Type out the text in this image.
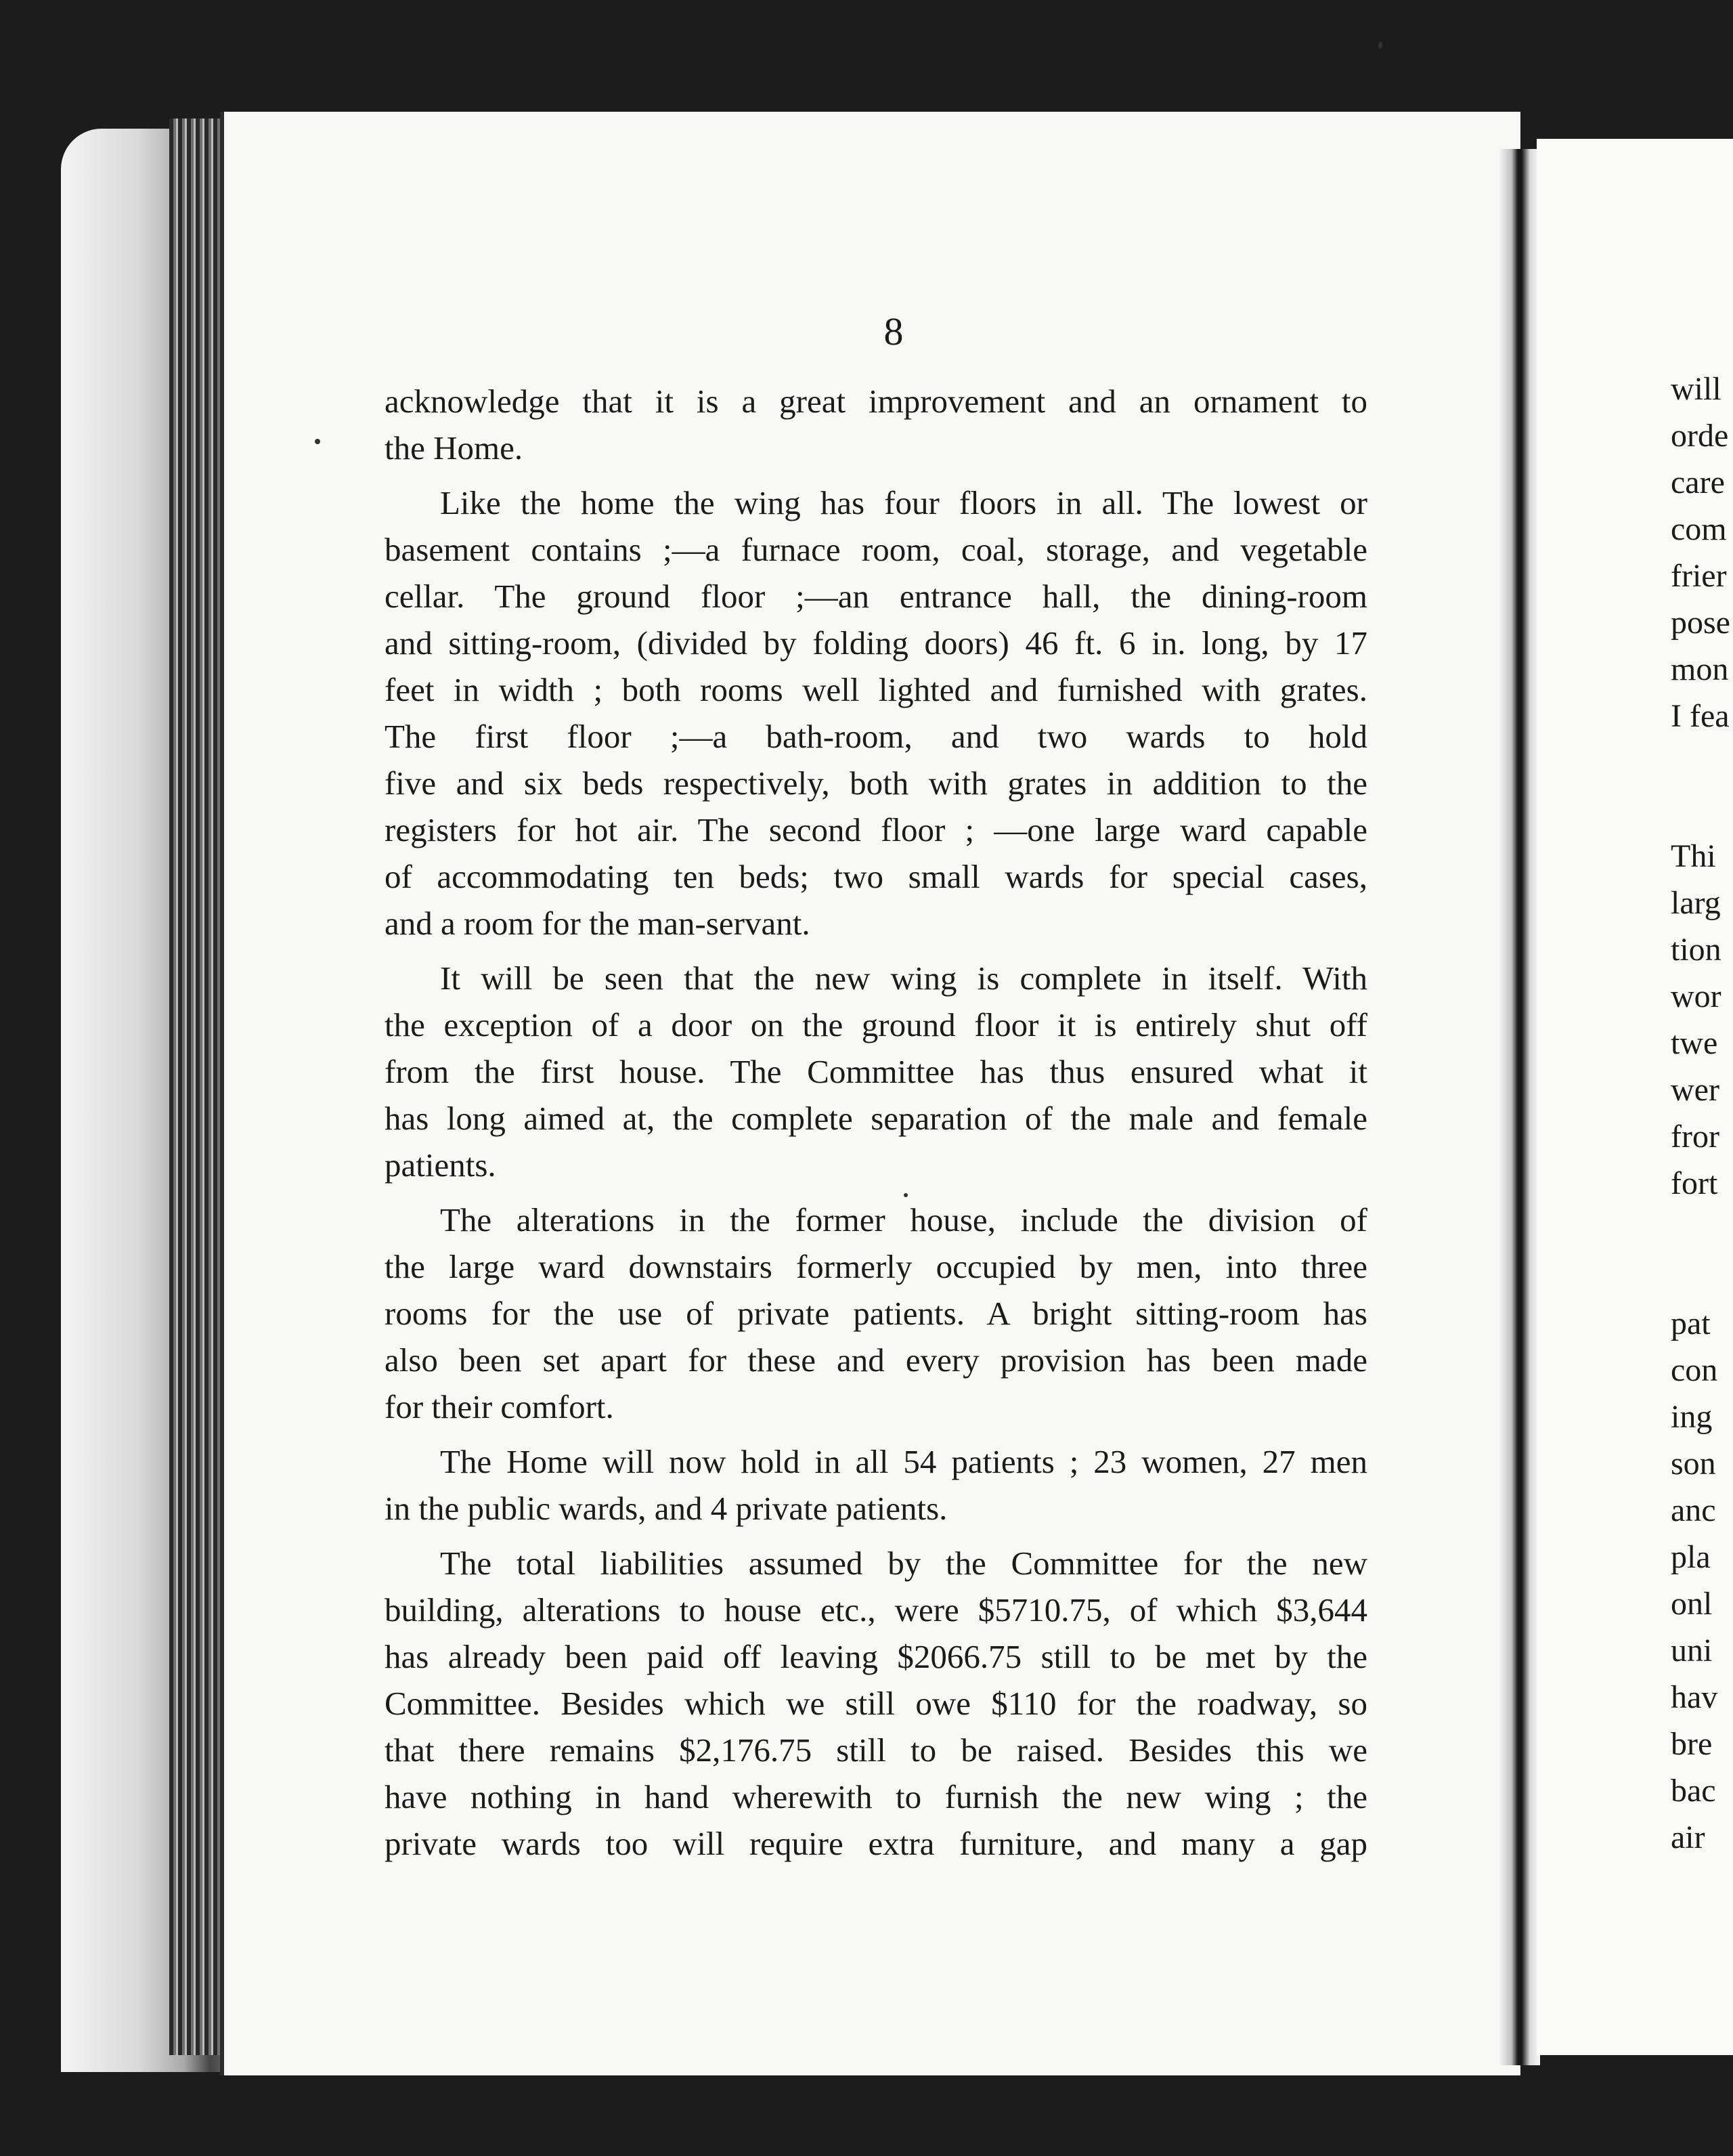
8

acknowledge that it is a great improvement and an ornament to
the Home.

Like the home the wing has four floors in all. The lowest or
basement contains ;—a furnace room, coal, storage, and vegetable
cellar. The ground floor ;—an entrance hall, the dining-room
and sitting-room, (divided by folding doors) 46 ft. 6 in. long, by 17
feet in width ; both rooms well lighted and furnished with grates.
The first floor ;—a bath-room, and two wards to hold
five and six beds respectively, both with grates in addition to the
registers for hot air. The second floor ; —one large ward capable
of accommodating ten beds; two small wards for special cases,
and a room for the man-servant.

It will be seen that the new wing is complete in itself. With
the exception of a door on the ground floor it is entirely shut off
from the first house. The Committee has thus ensured what it
has long aimed at, the complete separation of the male and female
patients.

The alterations in the former house, include the division of
the large ward downstairs formerly occupied by men, into three
rooms for the use of private patients. A bright sitting-room has
also been set apart for these and every provision has been made
for their comfort.

The Home will now hold in all 54 patients ; 23 women, 27 men
in the public wards, and 4 private patients.

The total liabilities assumed by the Committee for the new
building, alterations to house etc., were $5710.75, of which $3,644
has already been paid off leaving $2066.75 still to be met by the
Committee. Besides which we still owe $110 for the roadway, so
that there remains $2,176.75 still to be raised. Besides this we
have nothing in hand wherewith to furnish the new wing ; the
private wards too will require extra furniture, and many a gap

will
orde
care
com
frier
pose
mon
I fea
Thi
larg
tion
wor
twe
wer
fror
fort
pat
con
ing
son
anc
pla
onl
uni
hav
bre
bac
air
